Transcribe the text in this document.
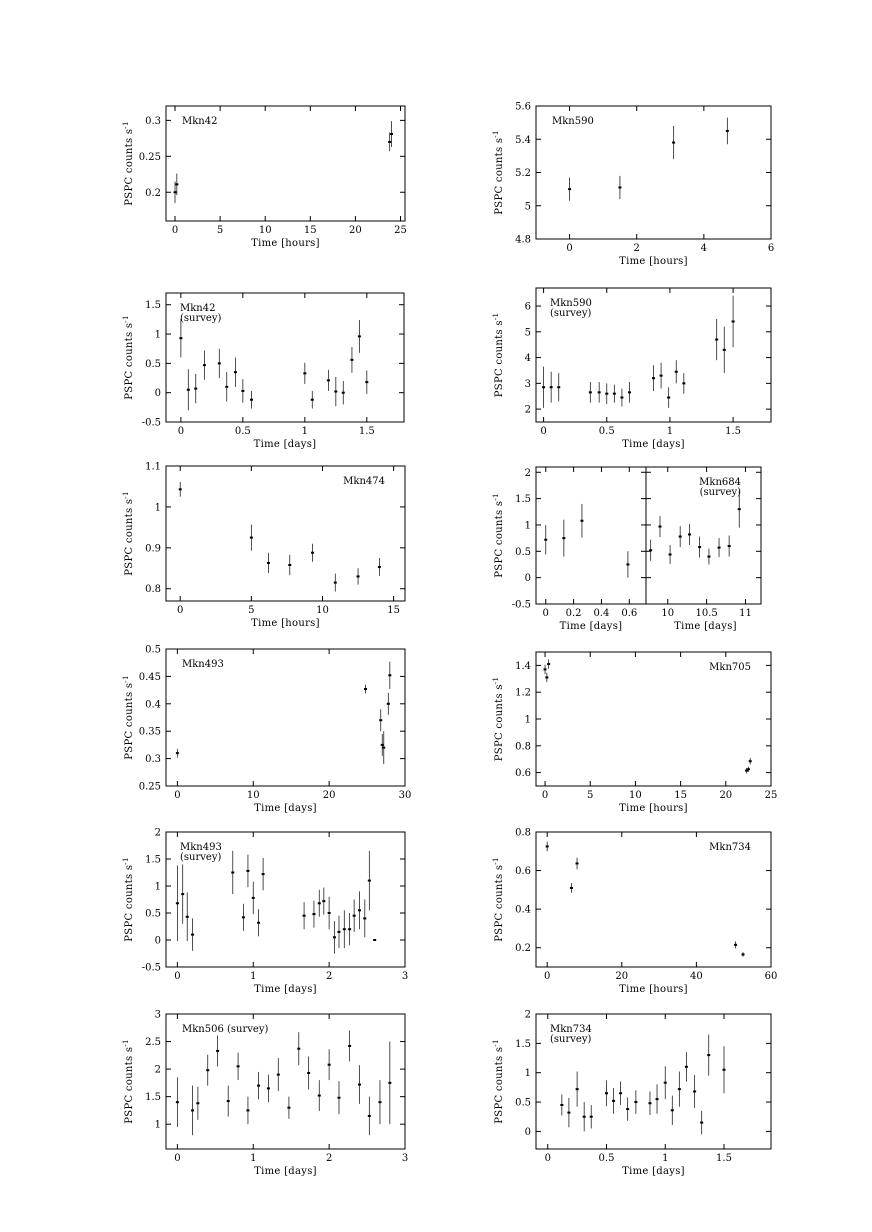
0	5	10	15	20	25
0.2
0.25
0.3
Time [hours]
PSPC counts $s^{-1}$	Mkn42
0	2	4	6
4.8
5
5.2
5.4
5.6
Time [hours]
PSPC counts $s^{-1}$
Mkn590
0	0.5	1	1.5
-0.5
0
0.5
1
1.5
Time [days]
PSPC counts $s^{-1}$
Mkn42
(survey)
0	0.5	1	1.5
2
3
4
5
6
Time [days]
PSPC counts $s^{-1}$
Mkn590
(survey)
0	5	10	15
0.8
0.9
1
1.1
Time [hours]
PSPC counts $s^{-1}$
Mkn474
0 0.2 0.4 0.6
-0.5
0
0.5
1
1.5
2
Time [days]
PSPC counts $s^{-1}$
10 10.5 11
Time [days]
Mkn684
(survey)
0	10	20	30
0.25
0.3
0.35
0.4
0.45
0.5
Time [days]
PSPC counts $s^{-1}$
Mkn493
0	5	10	15	20	25
0.6
0.8
1
1.2
1.4
Time [hours]
PSPC counts $s^{-1}$
Mkn705
0	1	2	3
-0.5
0
0.5
1
1.5
2
Time [days]
PSPC counts $s^{-1}$
Mkn493
(survey)
0	20	40	60
0.2
0.4
0.6
0.8
Time [hours]
PSPC counts $s^{-1}$
Mkn734
0	1	2	3
1
1.5
2
2.5
3
Time [days]
PSPC counts $s^{-1}$
Mkn506 (survey)
0	0.5	1	1.5
0
0.5
1
1.5
2
Time [days]
PSPC counts $s^{-1}$
Mkn734
(survey)
